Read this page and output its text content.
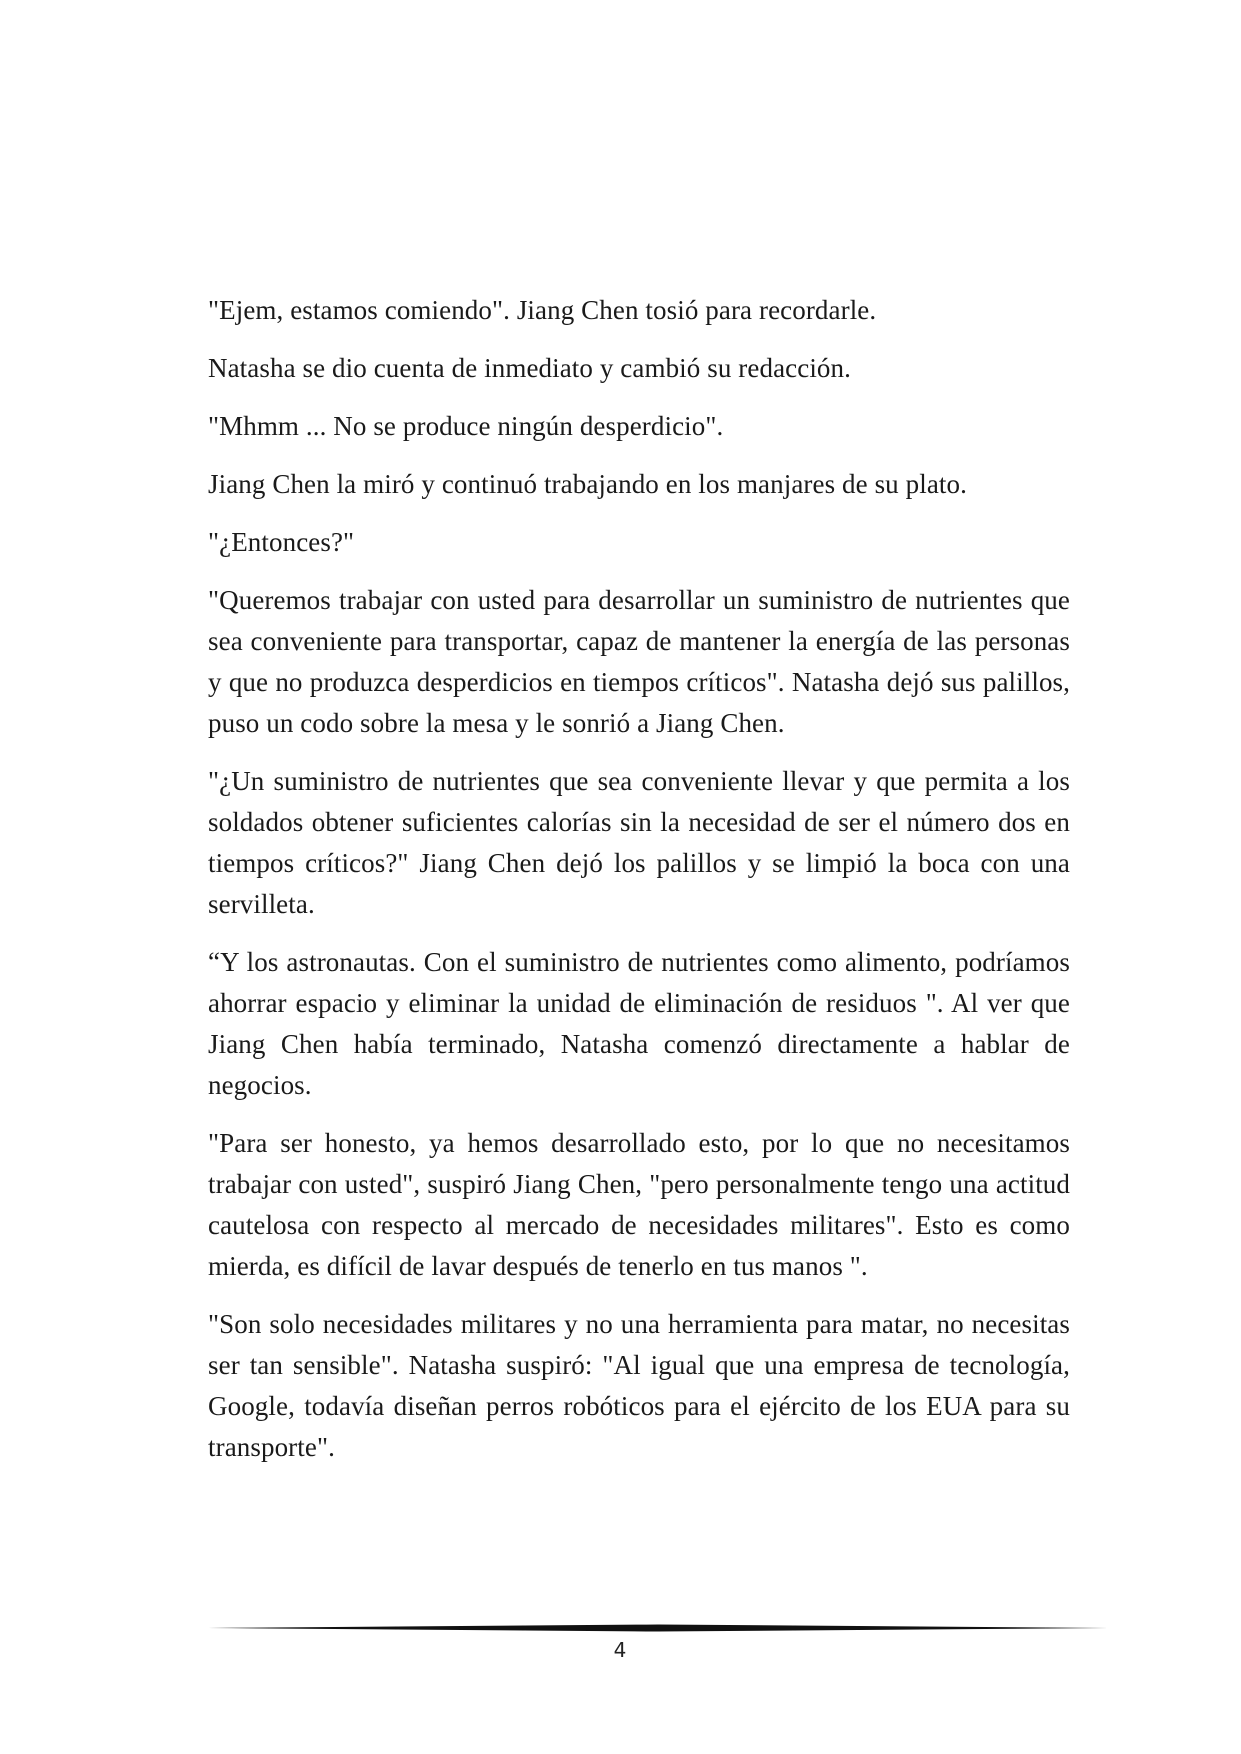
"Ejem, estamos comiendo". Jiang Chen tosió para recordarle.

Natasha se dio cuenta de inmediato y cambió su redacción.

"Mhmm ... No se produce ningún desperdicio".

Jiang Chen la miró y continuó trabajando en los manjares de su plato.

"¿Entonces?"

"Queremos trabajar con usted para desarrollar un suministro de nutrientes que sea conveniente para transportar, capaz de mantener la energía de las personas y que no produzca desperdicios en tiempos críticos". Natasha dejó sus palillos, puso un codo sobre la mesa y le sonrió a Jiang Chen.

"¿Un suministro de nutrientes que sea conveniente llevar y que permita a los soldados obtener suficientes calorías sin la necesidad de ser el número dos en tiempos críticos?" Jiang Chen dejó los palillos y se limpió la boca con una servilleta.

“Y los astronautas. Con el suministro de nutrientes como alimento, podríamos ahorrar espacio y eliminar la unidad de eliminación de residuos ". Al ver que Jiang Chen había terminado, Natasha comenzó directamente a hablar de negocios.

"Para ser honesto, ya hemos desarrollado esto, por lo que no necesitamos trabajar con usted", suspiró Jiang Chen, "pero personalmente tengo una actitud cautelosa con respecto al mercado de necesidades militares". Esto es como mierda, es difícil de lavar después de tenerlo en tus manos ".

"Son solo necesidades militares y no una herramienta para matar, no necesitas ser tan sensible". Natasha suspiró: "Al igual que una empresa de tecnología, Google, todavía diseñan perros robóticos para el ejército de los EUA para su transporte".

4
